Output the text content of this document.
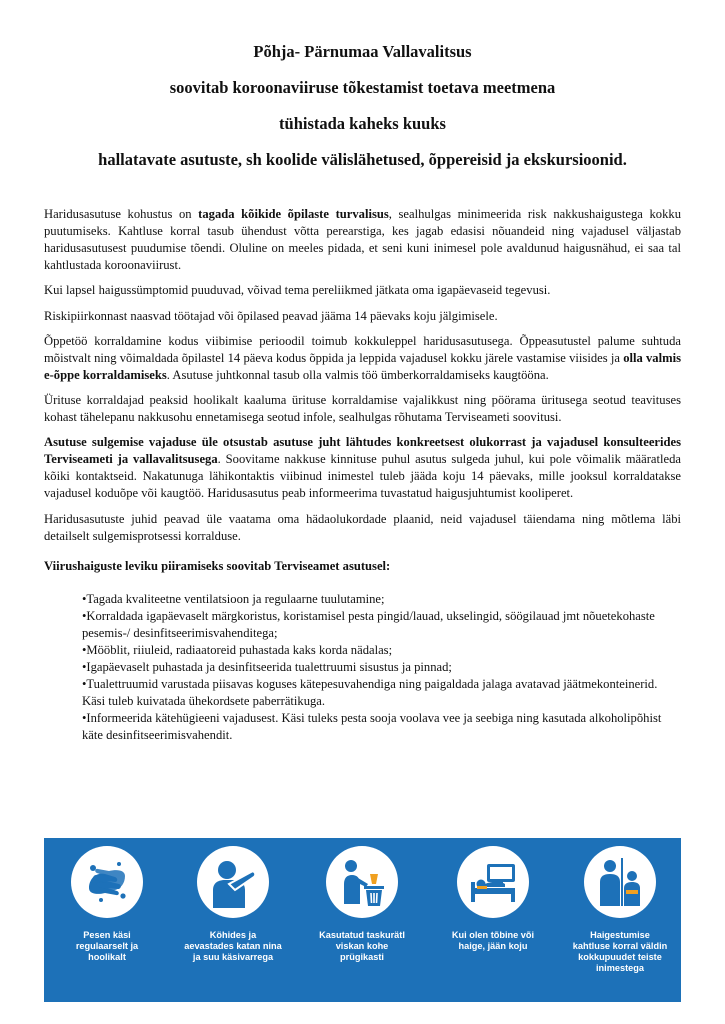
Põhja- Pärnumaa Vallavalitsus
soovitab koroonaviiruse tõkestamist toetava meetmena
tühistada kaheks kuuks
hallatavate asutuste, sh koolide välislähetused, õppereisid ja ekskursioonid.

Haridusasutuse kohustus on tagada kõikide õpilaste turvalisus, sealhulgas minimeerida risk nakkushaigustega kokku puutumiseks. Kahtluse korral tasub ühendust võtta perearstiga, kes jagab edasisi nõuandeid ning vajadusel väljastab haridusasutusest puudumise tõendi. Oluline on meeles pidada, et seni kuni inimesel pole avaldunud haigusnähud, ei saa tal kahtlustada koroonaviirust.

Kui lapsel haigussümptomid puuduvad, võivad tema pereliikmed jätkata oma igapäevaseid tegevusi.

Riskipiirkonnast naasvad töötajad või õpilased peavad jääma 14 päevaks koju jälgimisele.

Õppetöö korraldamine kodus viibimise perioodil toimub kokkuleppel haridusasutusega. Õppeasutustel palume suhtuda mõistvalt ning võimaldada õpilastel 14 päeva kodus õppida ja leppida vajadusel kokku järele vastamise viisides ja olla valmis e-õppe korraldamiseks. Asutuse juhtkonnal tasub olla valmis töö ümberkorraldamiseks kaugtööna.

Ürituse korraldajad peaksid hoolikalt kaaluma ürituse korraldamise vajalikkust ning pöörama üritusega seotud teavituses kohast tähelepanu nakkusohu ennetamisega seotud infole, sealhulgas rõhutama Terviseameti soovitusi.

Asutuse sulgemise vajaduse üle otsustab asutuse juht lähtudes konkreetsest olukorrast ja vajadusel konsulteerides Terviseameti ja vallavalitsusega. Soovitame nakkuse kinnituse puhul asutus sulgeda juhul, kui pole võimalik määratleda kõiki kontaktseid. Nakatunuga lähikontaktis viibinud inimestel tuleb jääda koju 14 päevaks, mille jooksul korraldatakse vajadusel koduõpe või kaugtöö. Haridusasutus peab informeerima tuvastatud haigusjuhtumist kooliperet.

Haridusasutuste juhid peavad üle vaatama oma hädaolukordade plaanid, neid vajadusel täiendama ning mõtlema läbi detailselt sulgemisprotsessi korralduse.

Viirushaiguste leviku piiramiseks soovitab Terviseamet asutusel:

•Tagada kvaliteetne ventilatsioon ja regulaarne tuulutamine;

•Korraldada igapäevaselt märgkoristus, koristamisel pesta pingid/lauad, ukselingid, söögilauad jmt nõuetekohaste pesemis-/ desinfitseerimisvahenditega;

•Mööblit, riiuleid, radiaatoreid puhastada kaks korda nädalas;

•Igapäevaselt puhastada ja desinfitseerida tualettruumi sisustus ja pinnad;

•Tualettruumid varustada piisavas koguses kätepesuvahendiga ning paigaldada jalaga avatavad jäätmekonteinerid. Käsi tuleb kuivatada ühekordsete paberrätikuga.

•Informeerida kätehügieeni vajadusest. Käsi tuleks pesta sooja voolava vee ja seebiga ning kasutada alkoholipõhist käte desinfitseerimisvahendit.

Pesen käsi regulaarselt ja hoolikalt
Köhides ja aevastades katan nina ja suu käsivarrega
Kasutatud taskurätI viskan kohe prügikasti
Kui olen tõbine või haige, jään koju
Haigestumise kahtluse korral väldin kokkupuudet teiste inimestega
